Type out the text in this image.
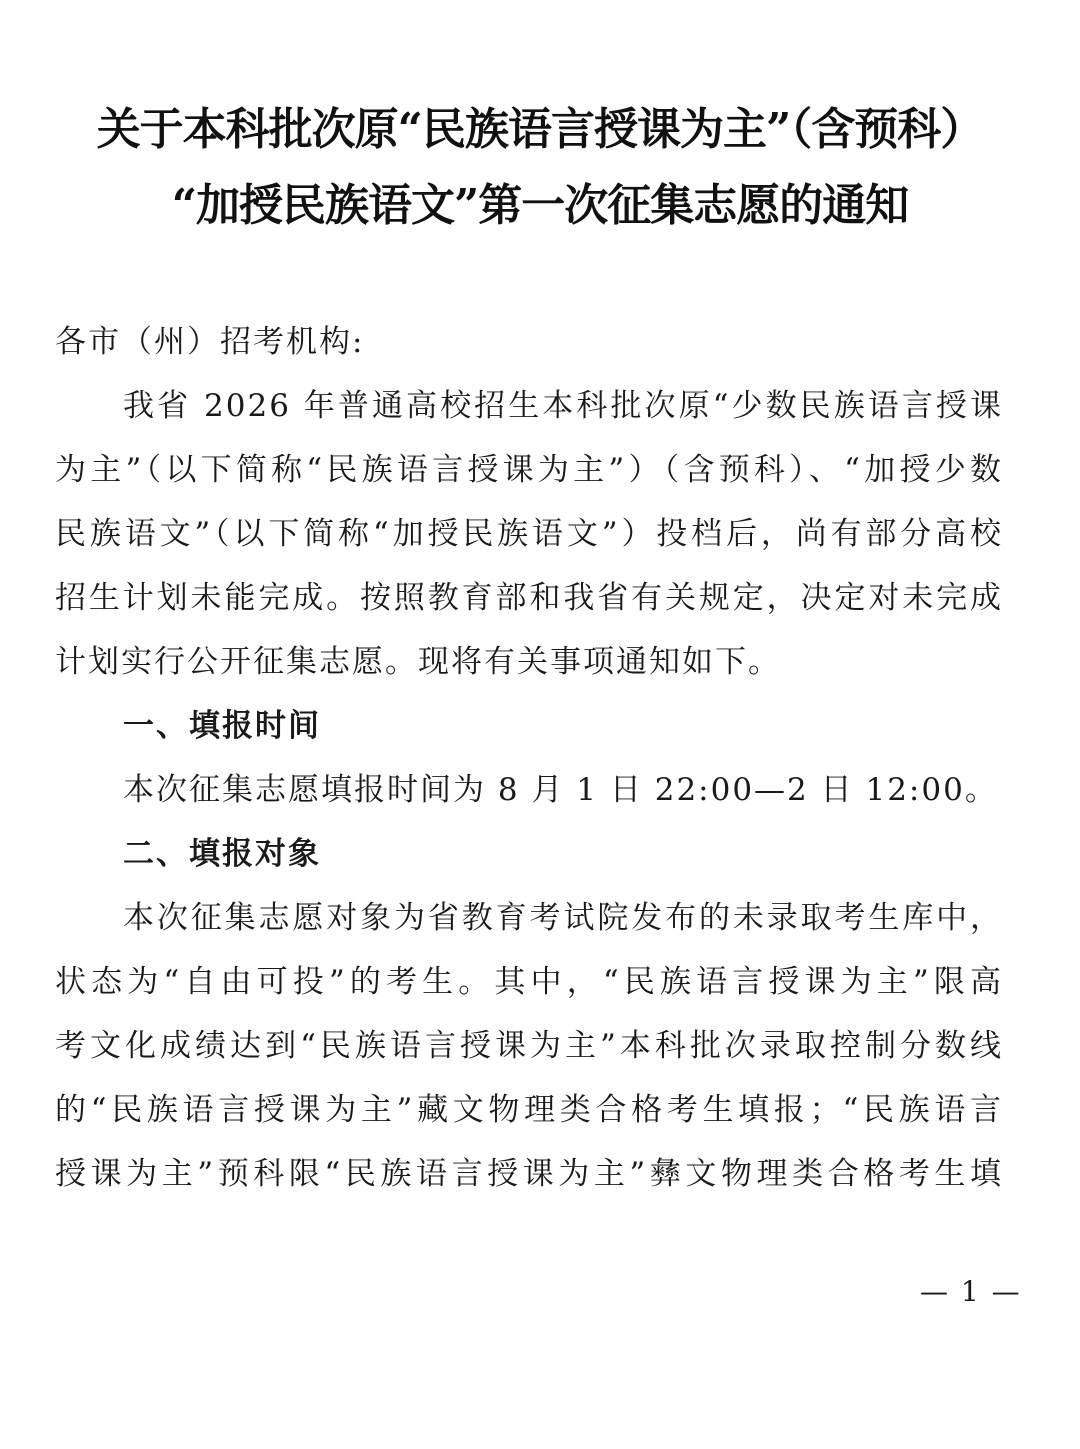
关于本科批次原“民族语言授课为主”（含预科）
“加授民族语文”第一次征集志愿的通知
各市（州）招考机构:
我省 2026 年普通高校招生本科批次原“少数民族语言授课
为主”（以下简称“民族语言授课为主”）（含预科）、“加授少数
民族语文”（以下简称“加授民族语文”）投档后，尚有部分高校
招生计划未能完成。按照教育部和我省有关规定，决定对未完成
计划实行公开征集志愿。现将有关事项通知如下。
一、填报时间
本次征集志愿填报时间为 8 月 1 日 22:00—2 日 12:00。
二、填报对象
本次征集志愿对象为省教育考试院发布的未录取考生库中，
状态为“自由可投”的考生。其中，“民族语言授课为主”限高
考文化成绩达到“民族语言授课为主”本科批次录取控制分数线
的“民族语言授课为主”藏文物理类合格考生填报；“民族语言
授课为主”预科限“民族语言授课为主”彝文物理类合格考生填
— 1 —
